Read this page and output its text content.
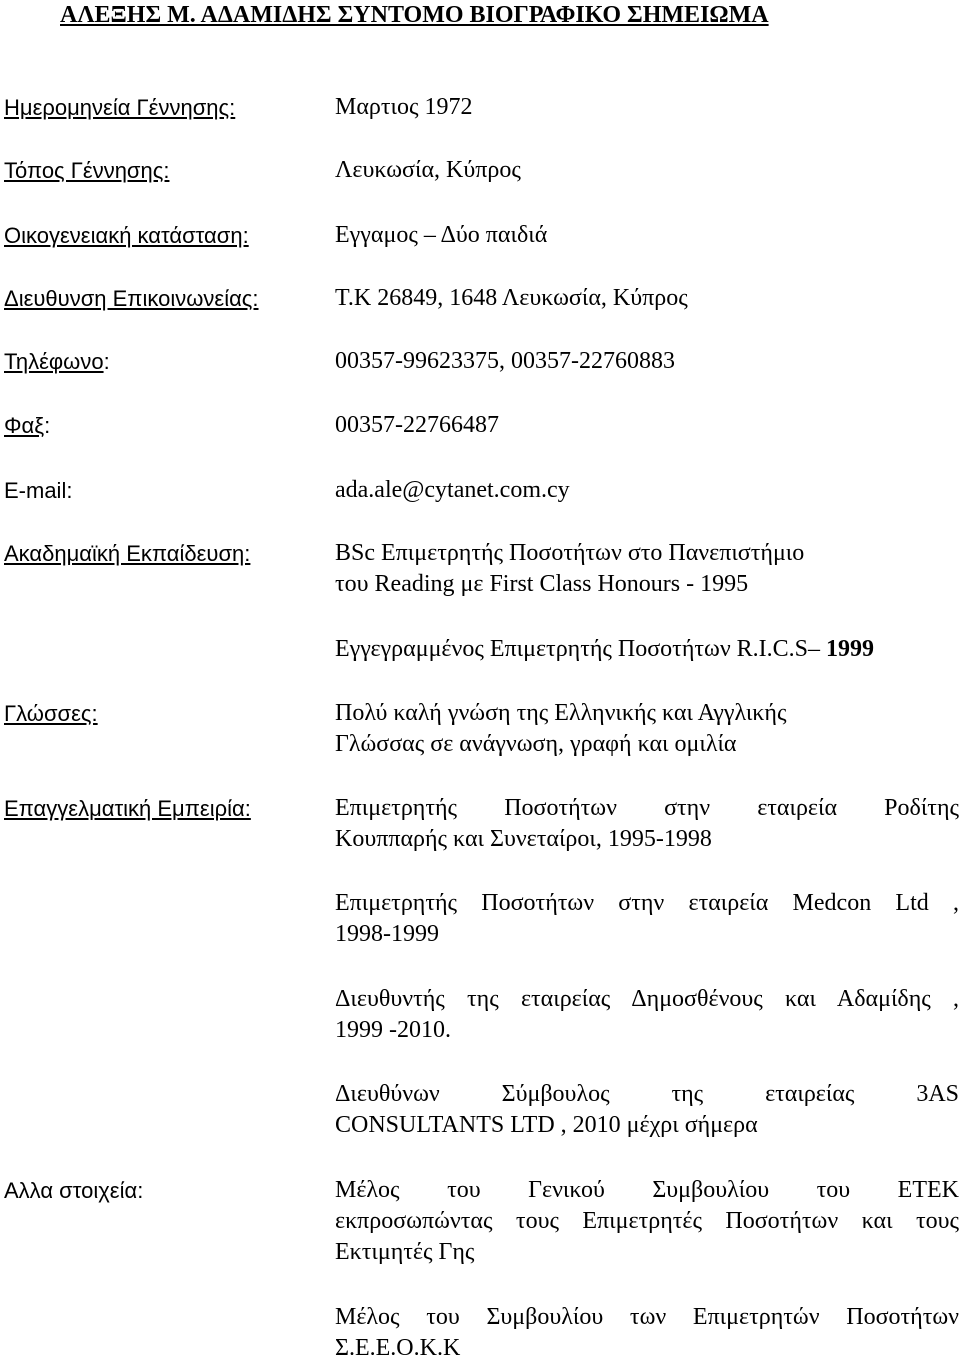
ΑΛΕΞΗΣ Μ. ΑΔΑΜΙΔΗΣ ΣΥΝΤΟΜΟ ΒΙΟΓΡΑΦΙΚΟ ΣΗΜΕΙΩΜΑ
Ημερομηνεία Γέννησης:	Μαρτιος 1972
Τόπος Γέννησης:	Λευκωσία, Κύπρος
Οικογενειακή κατάσταση:	Εγγαμος – Δύο παιδιά
Διευθυνση Επικοινωνείας:	Τ.Κ 26849, 1648 Λευκωσία, Κύπρος
Τηλέφωνο:	00357-99623375, 00357-22760883
Φαξ:	00357-22766487
E-mail:	ada.ale@cytanet.com.cy
Ακαδημαϊκή Εκπαίδευση:	BSc Επιμετρητής Ποσοτήτων στο Πανεπιστήμιο
του Reading με First Class Honours - 1995
Εγγεγραμμένος Επιμετρητής Ποσοτήτων R.I.C.S– 1999
Γλώσσες:	Πολύ καλή γνώση της Ελληνικής και Αγγλικής
Γλώσσας σε ανάγνωση, γραφή και ομιλία
Επαγγελματική Εμπειρία:	Επιμετρητής Ποσοτήτων στην εταιρεία Ροδίτης
Κουππαρής και Συνεταίροι, 1995-1998
Επιμετρητής Ποσοτήτων στην εταιρεία Medcon Ltd ,
1998-1999
Διευθυντής της εταιρείας Δημοσθένους και Αδαμίδης ,
1999 -2010.
Διευθύνων Σύμβουλος της εταιρείας 3AS
CONSULTANTS LTD , 2010 μέχρι σήμερα
Αλλα στοιχεία:	Μέλος του Γενικού Συμβουλίου του ΕΤΕΚ
εκπροσωπώντας τους Επιμετρητές Ποσοτήτων και τους
Εκτιμητές Γης
Μέλος του Συμβουλίου των Επιμετρητών Ποσοτήτων
Σ.Ε.Ε.Ο.Κ.Κ
